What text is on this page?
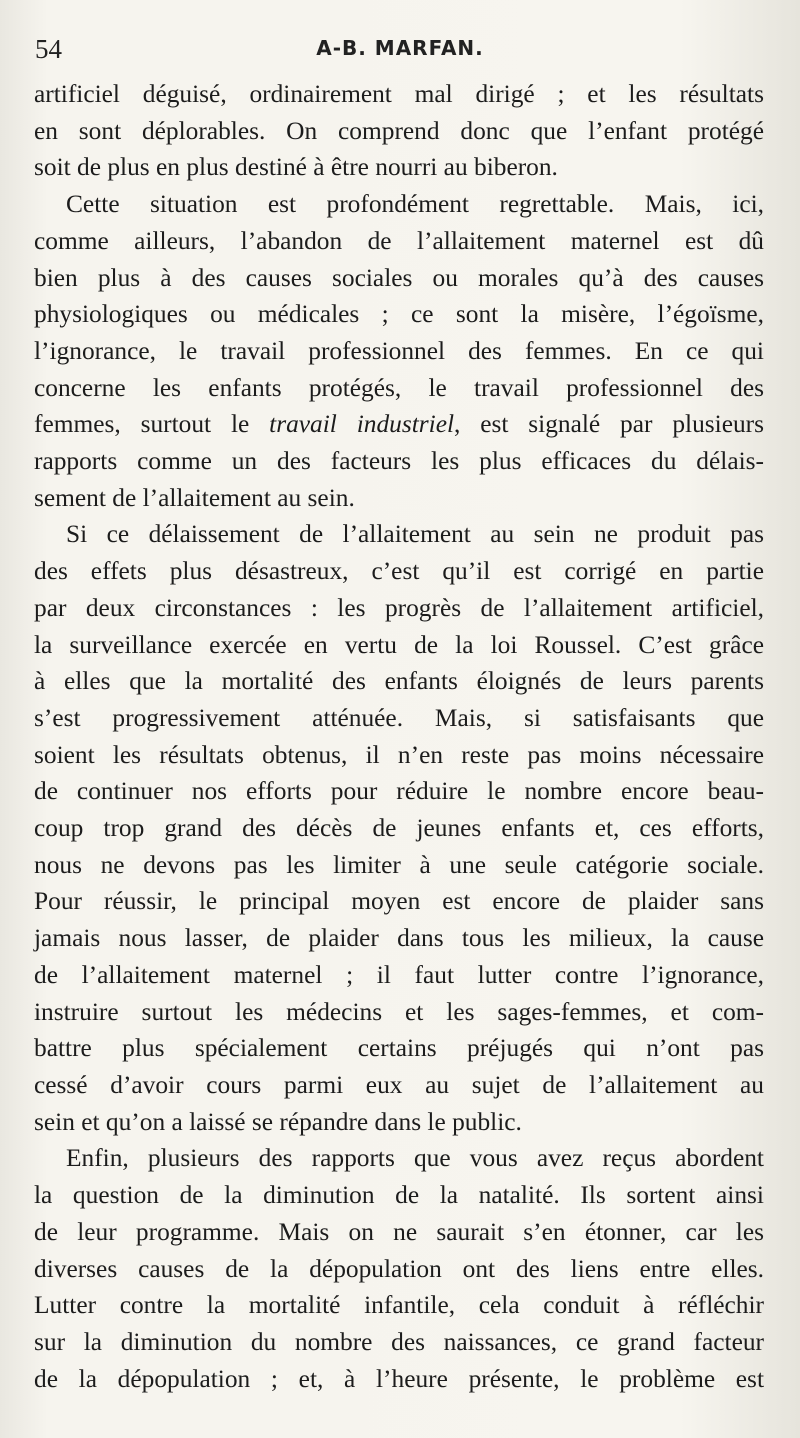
54	A-B. MARFAN.
artificiel déguisé, ordinairement mal dirigé ; et les résultats
en sont déplorables. On comprend donc que l’enfant protégé
soit de plus en plus destiné à être nourri au biberon.
Cette situation est profondément regrettable. Mais, ici,
comme ailleurs, l’abandon de l’allaitement maternel est dû
bien plus à des causes sociales ou morales qu’à des causes
physiologiques ou médicales ; ce sont la misère, l’égoïsme,
l’ignorance, le travail professionnel des femmes. En ce qui
concerne les enfants protégés, le travail professionnel des
femmes, surtout le travail industriel, est signalé par plusieurs
rapports comme un des facteurs les plus efficaces du délais-
sement de l’allaitement au sein.
Si ce délaissement de l’allaitement au sein ne produit pas
des effets plus désastreux, c’est qu’il est corrigé en partie
par deux circonstances : les progrès de l’allaitement artificiel,
la surveillance exercée en vertu de la loi Roussel. C’est grâce
à elles que la mortalité des enfants éloignés de leurs parents
s’est progressivement atténuée. Mais, si satisfaisants que
soient les résultats obtenus, il n’en reste pas moins nécessaire
de continuer nos efforts pour réduire le nombre encore beau-
coup trop grand des décès de jeunes enfants et, ces efforts,
nous ne devons pas les limiter à une seule catégorie sociale.
Pour réussir, le principal moyen est encore de plaider sans
jamais nous lasser, de plaider dans tous les milieux, la cause
de l’allaitement maternel ; il faut lutter contre l’ignorance,
instruire surtout les médecins et les sages-femmes, et com-
battre plus spécialement certains préjugés qui n’ont pas
cessé d’avoir cours parmi eux au sujet de l’allaitement au
sein et qu’on a laissé se répandre dans le public.
Enfin, plusieurs des rapports que vous avez reçus abordent
la question de la diminution de la natalité. Ils sortent ainsi
de leur programme. Mais on ne saurait s’en étonner, car les
diverses causes de la dépopulation ont des liens entre elles.
Lutter contre la mortalité infantile, cela conduit à réfléchir
sur la diminution du nombre des naissances, ce grand facteur
de la dépopulation ; et, à l’heure présente, le problème est
